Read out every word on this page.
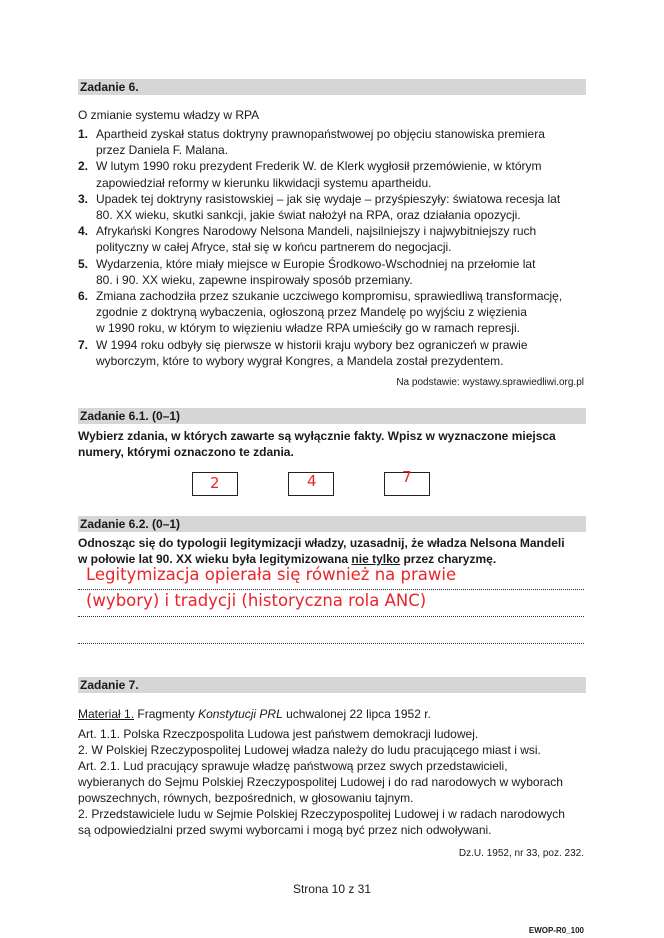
Zadanie 6.
O zmianie systemu władzy w RPA
1. Apartheid zyskał status doktryny prawnopaństwowej po objęciu stanowiska premiera
przez Daniela F. Malana.
2. W lutym 1990 roku prezydent Frederik W. de Klerk wygłosił przemówienie, w którym
zapowiedział reformy w kierunku likwidacji systemu apartheidu.
3. Upadek tej doktryny rasistowskiej – jak się wydaje – przyśpieszyły: światowa recesja lat
80. XX wieku, skutki sankcji, jakie świat nałożył na RPA, oraz działania opozycji.
4. Afrykański Kongres Narodowy Nelsona Mandeli, najsilniejszy i najwybitniejszy ruch
polityczny w całej Afryce, stał się w końcu partnerem do negocjacji.
5. Wydarzenia, które miały miejsce w Europie Środkowo-Wschodniej na przełomie lat
80. i 90. XX wieku, zapewne inspirowały sposób przemiany.
6. Zmiana zachodziła przez szukanie uczciwego kompromisu, sprawiedliwą transformację,
zgodnie z doktryną wybaczenia, ogłoszoną przez Mandelę po wyjściu z więzienia
w 1990 roku, w którym to więzieniu władze RPA umieściły go w ramach represji.
7. W 1994 roku odbyły się pierwsze w historii kraju wybory bez ograniczeń w prawie
wyborczym, które to wybory wygrał Kongres, a Mandela został prezydentem.
Na podstawie: wystawy.sprawiedliwi.org.pl
Zadanie 6.1. (0–1)
Wybierz zdania, w których zawarte są wyłącznie fakty. Wpisz w wyznaczone miejsca
numery, którymi oznaczono te zdania.
2	4	7
Zadanie 6.2. (0–1)
Odnosząc się do typologii legitymizacji władzy, uzasadnij, że władza Nelsona Mandeli
w połowie lat 90. XX wieku była legitymizowana nie tylko przez charyzmę.
Legitymizacja opierała się również na prawie
(wybory) i tradycji (historyczna rola ANC)
Zadanie 7.
Materiał 1. Fragmenty Konstytucji PRL uchwalonej 22 lipca 1952 r.
Art. 1.1. Polska Rzeczpospolita Ludowa jest państwem demokracji ludowej.
2. W Polskiej Rzeczypospolitej Ludowej władza należy do ludu pracującego miast i wsi.
Art. 2.1. Lud pracujący sprawuje władzę państwową przez swych przedstawicieli,
wybieranych do Sejmu Polskiej Rzeczypospolitej Ludowej i do rad narodowych w wyborach
powszechnych, równych, bezpośrednich, w głosowaniu tajnym.
2. Przedstawiciele ludu w Sejmie Polskiej Rzeczypospolitej Ludowej i w radach narodowych
są odpowiedzialni przed swymi wyborcami i mogą być przez nich odwoływani.
Dz.U. 1952, nr 33, poz. 232.
Strona 10 z 31
EWOP-R0_100
